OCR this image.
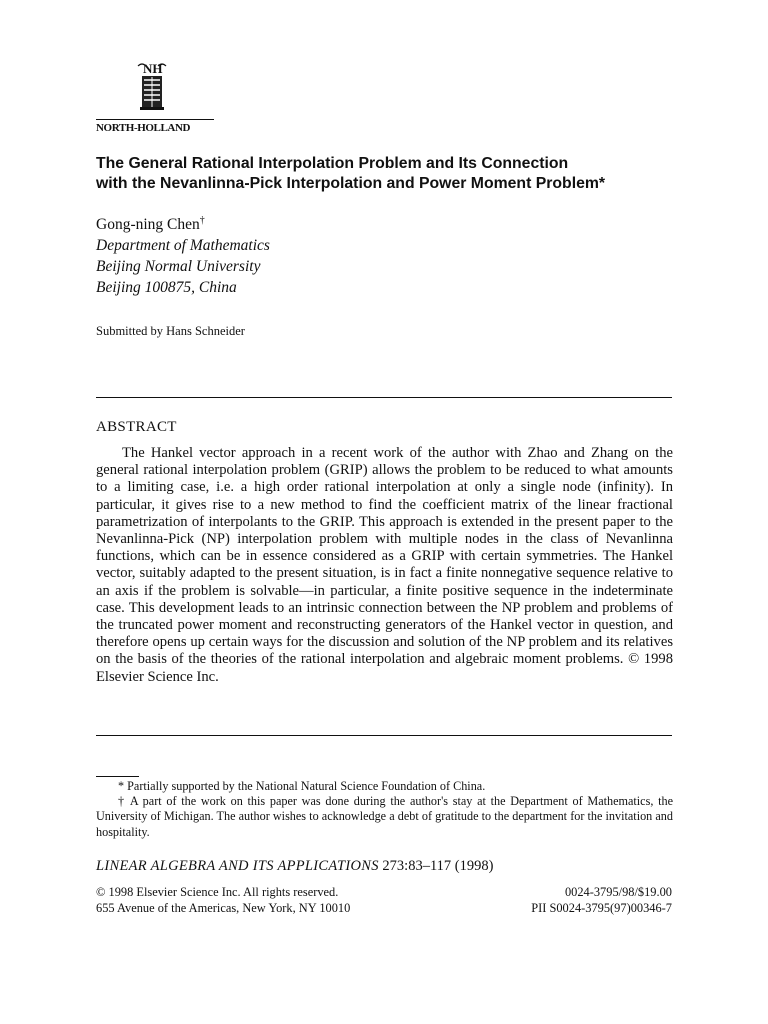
NH
NORTH-HOLLAND
The General Rational Interpolation Problem and Its Connection
with the Nevanlinna-Pick Interpolation and Power Moment Problem*
Gong-ning Chen†
Department of Mathematics
Beijing Normal University
Beijing 100875, China
Submitted by Hans Schneider
ABSTRACT

The Hankel vector approach in a recent work of the author with Zhao and Zhang on the general rational interpolation problem (GRIP) allows the problem to be reduced to what amounts to a limiting case, i.e. a high order rational interpolation at only a single node (infinity). In particular, it gives rise to a new method to find the coefficient matrix of the linear fractional parametrization of interpolants to the GRIP. This approach is extended in the present paper to the Nevanlinna-Pick (NP) interpolation problem with multiple nodes in the class of Nevanlinna functions, which can be in essence considered as a GRIP with certain symmetries. The Hankel vector, suitably adapted to the present situation, is in fact a finite nonnegative sequence relative to an axis if the problem is solvable—in particular, a finite positive sequence in the indeterminate case. This development leads to an intrinsic connection between the NP problem and problems of the truncated power moment and reconstructing generators of the Hankel vector in question, and therefore opens up certain ways for the discussion and solution of the NP problem and its relatives on the basis of the theories of the rational interpolation and algebraic moment problems. © 1998 Elsevier Science Inc.

* Partially supported by the National Natural Science Foundation of China.

† A part of the work on this paper was done during the author's stay at the Department of Mathematics, the University of Michigan. The author wishes to acknowledge a debt of gratitude to the department for the invitation and hospitality.

LINEAR ALGEBRA AND ITS APPLICATIONS 273:83–117 (1998)
© 1998 Elsevier Science Inc. All rights reserved.
655 Avenue of the Americas, New York, NY 10010
0024-3795/98/$19.00
PII S0024-3795(97)00346-7
